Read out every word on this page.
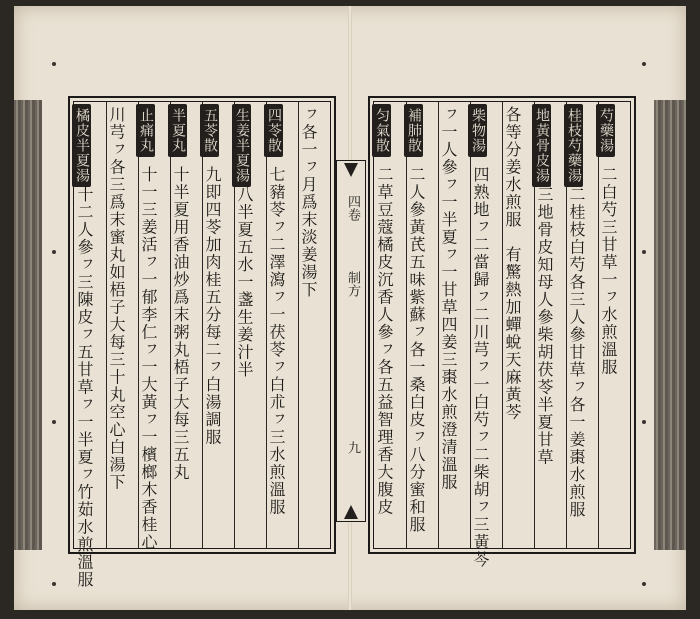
四卷
制方
九
芍藥湯
二白芍三甘草一ㇷ水煎溫服
桂枝芍藥湯
二桂枝白芍各三人參甘草ㇷ各一姜棗水煎服
地黃骨皮湯
三地骨皮知母人參柴胡茯苓半夏甘草
各等分姜水煎服　有驚熱加蟬蛻天麻黃芩
柴物湯
四熟地ㇷ二當歸ㇷ二川芎ㇷ一白芍ㇷ二柴胡ㇷ三黃芩
ㇷ一人參ㇷ一半夏ㇷ一甘草四姜三棗水煎澄清溫服
補肺散
二人參黃芪五味紫蘇ㇷ各一桑白皮ㇷ八分蜜和服
匀氣散
二草豆蔻橘皮沉香人參ㇷ各五益智理香大腹皮
ㇷ各一ㇷ月爲末淡姜湯下
四苓散
七豬苓ㇷ二澤瀉ㇷ一茯苓ㇷ白朮ㇷ三水煎溫服
生姜半夏湯
八半夏五水一盞生姜汁半
五苓散
九即四苓加肉桂五分每二ㇷ白湯調服
半夏丸
十半夏用香油炒爲末粥丸梧子大每三五丸
止痛丸
十一三姜活ㇷ一郁李仁ㇷ一大黃ㇷ一檳榔木香桂心
川芎ㇷ各三爲末蜜丸如梧子大每三十丸空心白湯下
橘皮半夏湯
十二人參ㇷ三陳皮ㇷ五甘草ㇷ一半夏ㇷ竹茹水煎溫服
